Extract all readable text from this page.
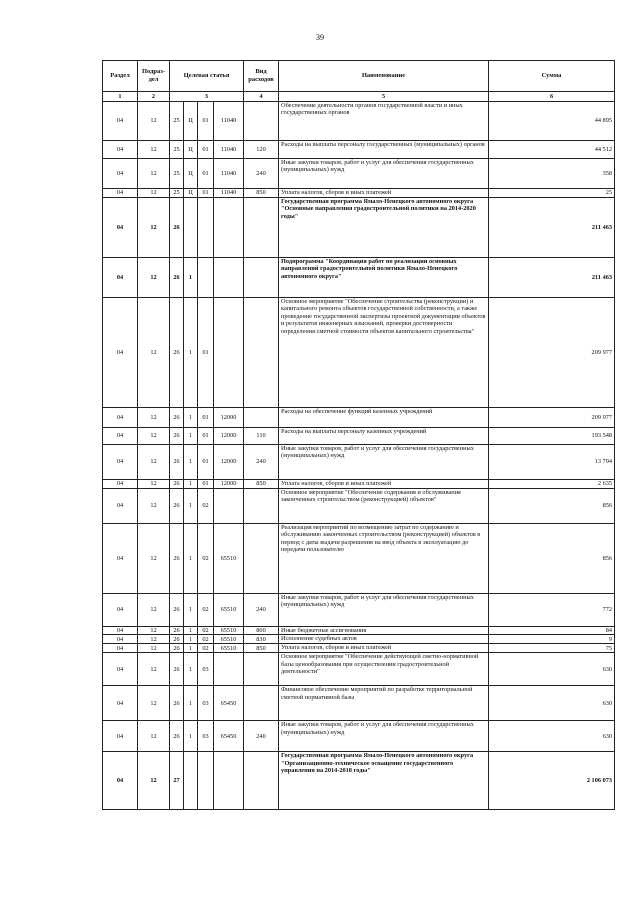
39
Раздел	Подраз-дел	Целевая статья				Вид расходов	Наименование	Сумма
1	2	3				4	5	6
04	12	25	Ц	01	11040		Обеспечение деятельности органов государственной власти и иных государственных органов	44 895
04	12	25	Ц	01	11040	120	Расходы на выплаты персоналу государственных (муниципальных) органов	44 512
04	12	25	Ц	01	11040	240	Иные закупки товаров, работ и услуг для обеспечения государственных (муниципальных) нужд	358
04	12	25	Ц	01	11040	850	Уплата налогов, сборов и иных платежей	25
04	12	26					Государственная программа Ямало-Ненецкого автономного округа "Основные направления градостроительной политики на 2014-2020 годы"	211 463
04	12	26	1				Подпрограмма "Координация работ по реализации основных направлений градостроительной политики Ямало-Ненецкого автономного округа"	211 463
04	12	26	1	01			Основное мероприятие "Обеспечение строительства (реконструкции) и капитального ремонта объектов государственной собственности, а также проведение государственной экспертизы проектной документации объектов и результатов инженерных изысканий, проверки достоверности определения сметной стоимости объектов капитального строительства"	209 977
04	12	26	1	01	12000		Расходы на обеспечение функций казенных учреждений	209 977
04	12	26	1	01	12000	110	Расходы на выплаты персоналу казенных учреждений	193 548
04	12	26	1	01	12000	240	Иные закупки товаров, работ и услуг для обеспечения государственных (муниципальных) нужд	13 794
04	12	26	1	01	12000	850	Уплата налогов, сборов и иных платежей	2 635
04	12	26	1	02			Основное мероприятие "Обеспечение содержания и обслуживания законченных строительством (реконструкцией) объектов"	856
04	12	26	1	02	65510		Реализация мероприятий по возмещению затрат по содержанию и обслуживанию законченных строительством (реконструкцией) объектов в период с даты выдачи разрешения на ввод объекта в эксплуатацию до передачи пользователю	856
04	12	26	1	02	65510	240	Иные закупки товаров, работ и услуг для обеспечения государственных (муниципальных) нужд	772
04	12	26	1	02	65510	800	Иные бюджетные ассигнования	84
04	12	26	1	02	65510	830	Исполнение судебных актов	9
04	12	26	1	02	65510	850	Уплата налогов, сборов и иных платежей	75
04	12	26	1	03			Основное мероприятие "Обеспечение действующей сметно-нормативной базы ценообразования при осуществлении градостроительной деятельности"	630
04	12	26	1	03	65450		Финансовое обеспечение мероприятий по разработке территориальной сметной нормативной базы	630
04	12	26	1	03	65450	240	Иные закупки товаров, работ и услуг для обеспечения государственных (муниципальных) нужд	630
04	12	27					Государственная программа Ямало-Ненецкого автономного округа "Организационно-техническое оснащение государственного управления на 2014-2018 годы"	2 106 073
